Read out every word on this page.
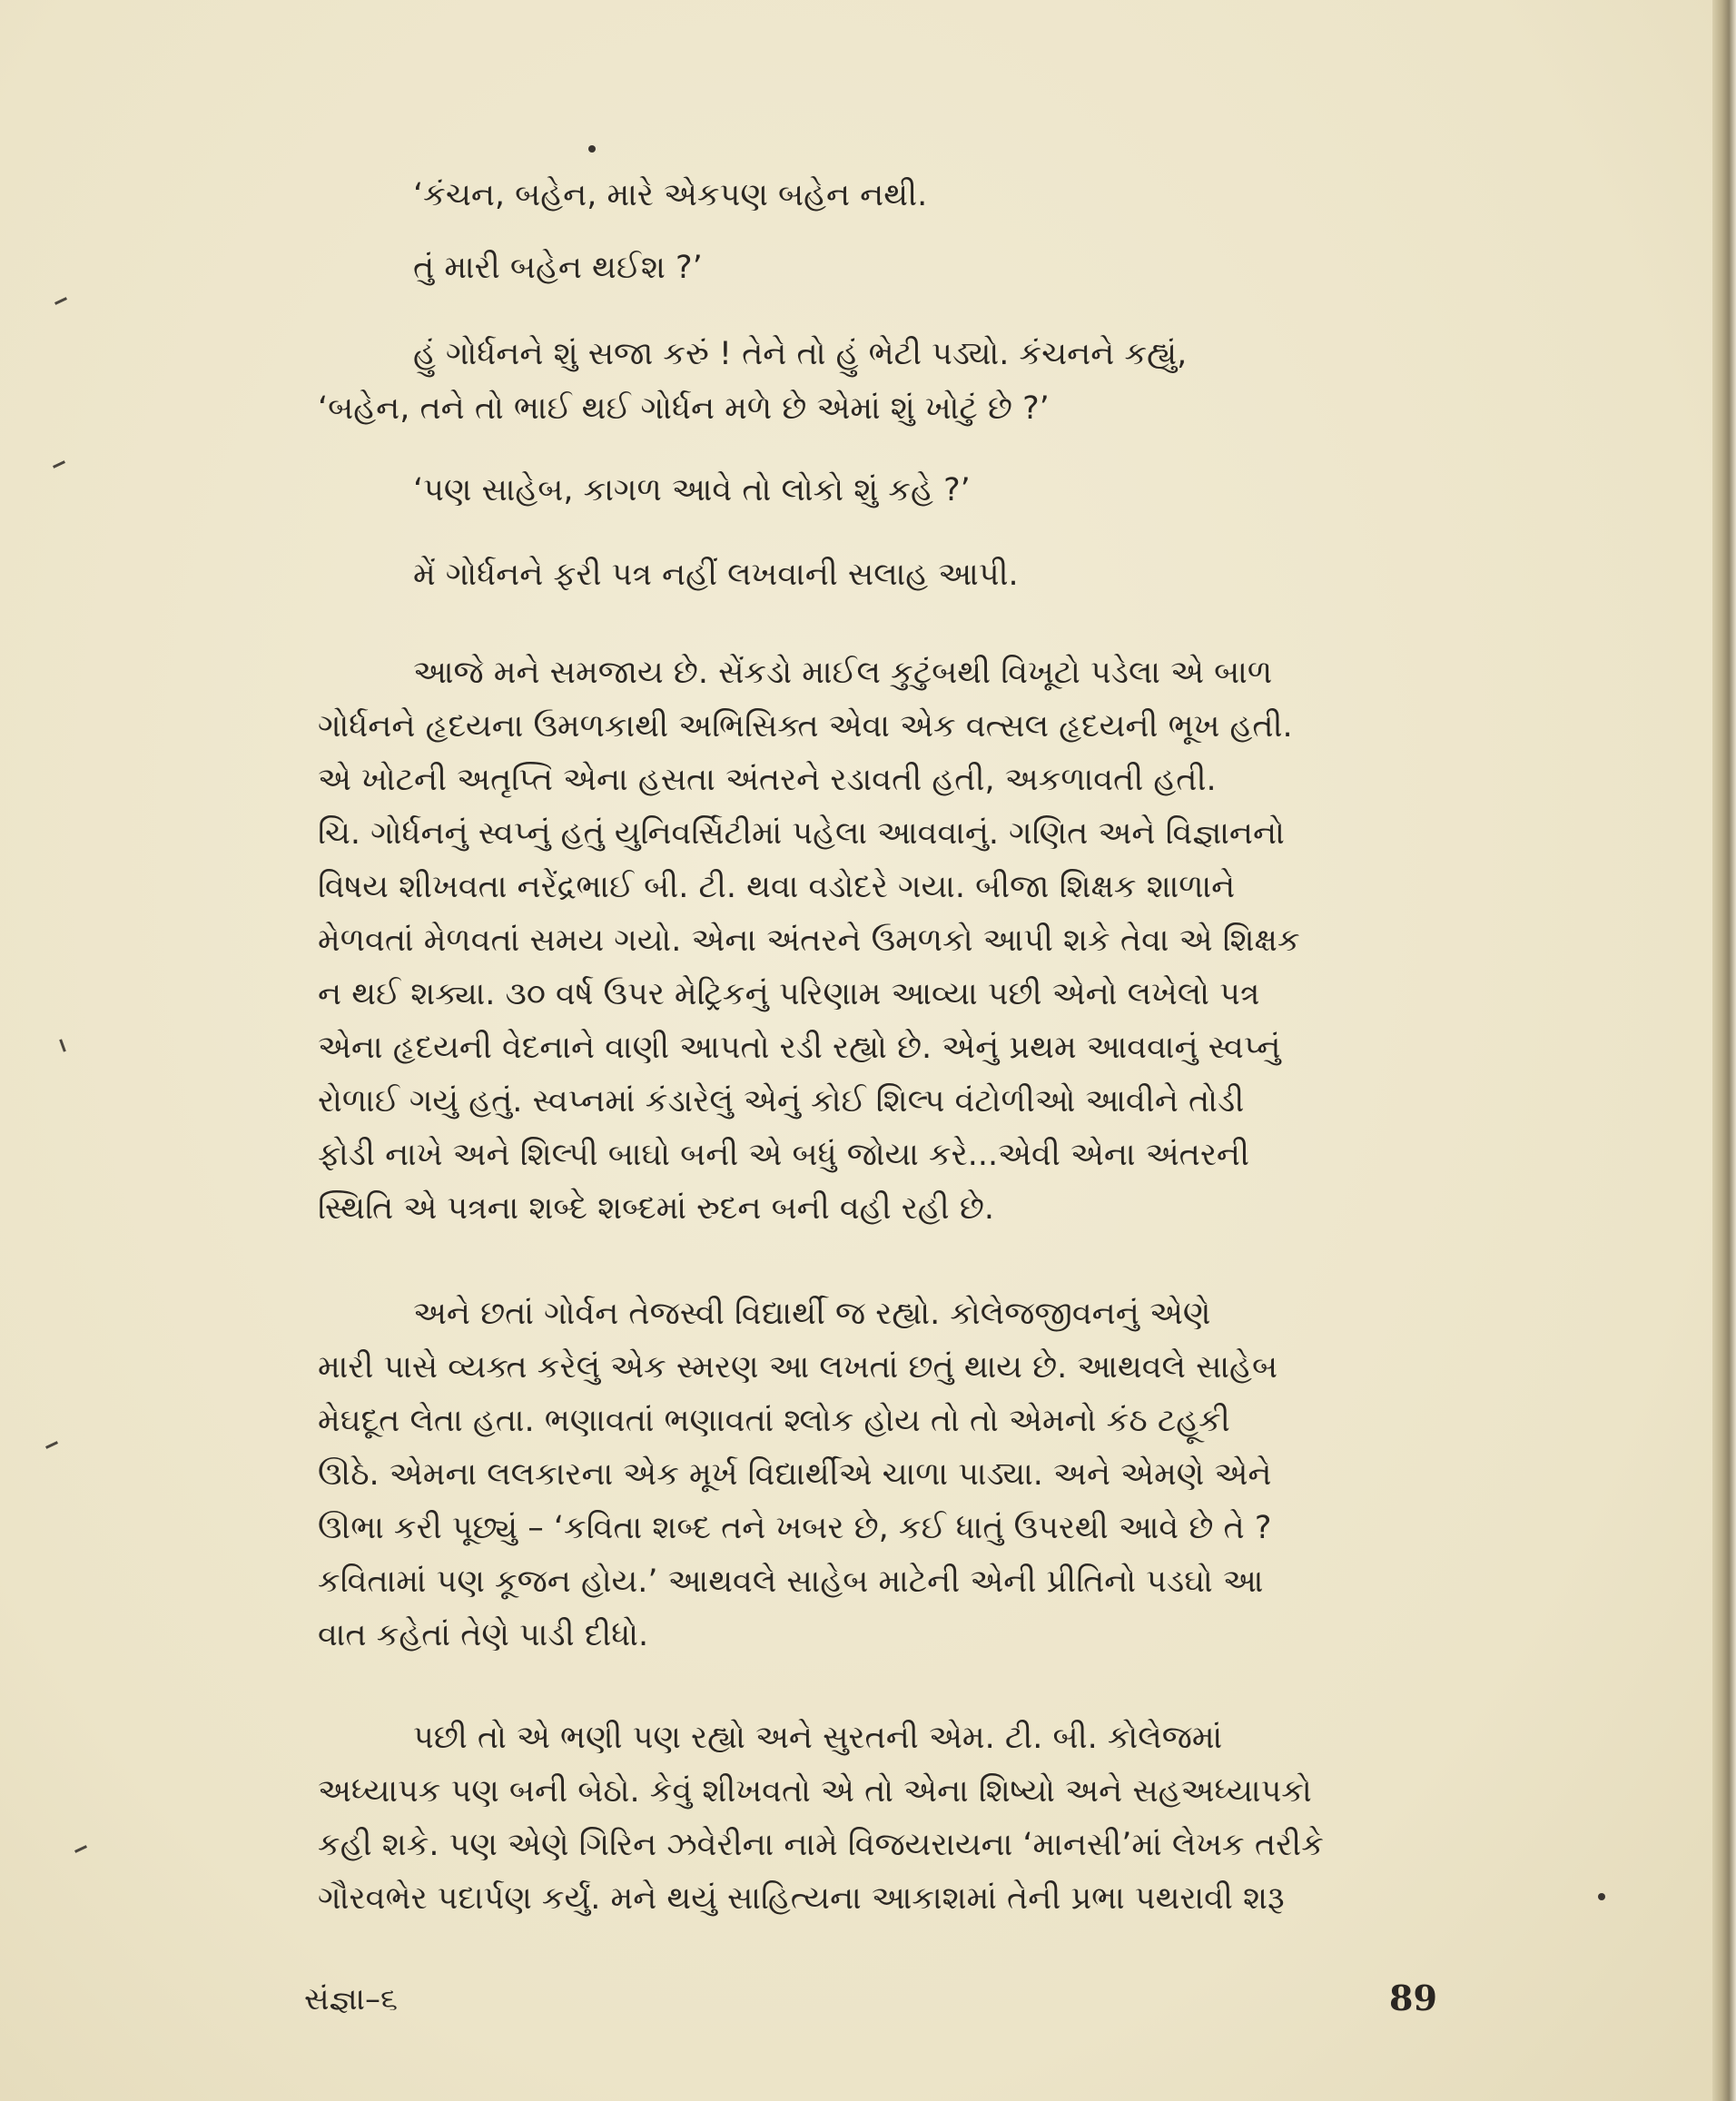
‘કંચન, બહેન, મારે એકપણ બહેન નથી.
તું મારી બહેન થઈશ ?’
હું ગોર્ધનને શું સજા કરું ! તેને તો હું ભેટી પડ્યો. કંચનને કહ્યું,
‘બહેન, તને તો ભાઈ થઈ ગોર્ધન મળે છે એમાં શું ખોટું છે ?’
‘પણ સાહેબ, કાગળ આવે તો લોકો શું કહે ?’
મેં ગોર્ધનને ફરી પત્ર નહીં લખવાની સલાહ આપી.
આજે મને સમજાય છે. સેંકડો માઈલ કુટુંબથી વિખૂટો પડેલા એ બાળ
ગોર્ધનને હૃદયના ઉમળકાથી અભિસિક્ત એવા એક વત્સલ હૃદયની ભૂખ હતી.
એ ખોટની અતૃપ્તિ એના હસતા અંતરને રડાવતી હતી, અકળાવતી હતી.
ચિ. ગોર્ધનનું સ્વપ્નું હતું યુનિવર્સિટીમાં પહેલા આવવાનું. ગણિત અને વિજ્ઞાનનો
વિષય શીખવતા નરેંદ્રભાઈ બી. ટી. થવા વડોદરે ગયા. બીજા શિક્ષક શાળાને
મેળવતાં મેળવતાં સમય ગયો. એના અંતરને ઉમળકો આપી શકે તેવા એ શિક્ષક
ન થઈ શક્યા. ૩૦ વર્ષ ઉપર મેટ્રિકનું પરિણામ આવ્યા પછી એનો લખેલો પત્ર
એના હૃદયની વેદનાને વાણી આપતો રડી રહ્યો છે. એનું પ્રથમ આવવાનું સ્વપ્નું
રોળાઈ ગયું હતું. સ્વપ્નમાં કંડારેલું એનું કોઈ શિલ્પ વંટોળીઓ આવીને તોડી
ફોડી નાખે અને શિલ્પી બાઘો બની એ બધું જોયા કરે...એવી એના અંતરની
સ્થિતિ એ પત્રના શબ્દે શબ્દમાં રુદન બની વહી રહી છે.
અને છતાં ગોર્વન તેજસ્વી વિદ્યાર્થી જ રહ્યો. કોલેજજીવનનું એણે
મારી પાસે વ્યક્ત કરેલું એક સ્મરણ આ લખતાં છતું થાય છે. આથવલે સાહેબ
મેઘદૂત લેતા હતા. ભણાવતાં ભણાવતાં શ્લોક હોય તો તો એમનો કંઠ ટહૂકી
ઊઠે. એમના લલકારના એક મૂર્ખ વિદ્યાર્થીએ ચાળા પાડ્યા. અને એમણે એને
ઊભા કરી પૂછ્યું – ‘કવિતા શબ્દ તને ખબર છે, કઈ ધાતું ઉપરથી આવે છે તે ?
કવિતામાં પણ કૂજન હોય.’ આથવલે સાહેબ માટેની એની પ્રીતિનો પડઘો આ
વાત કહેતાં તેણે પાડી દીધો.
પછી તો એ ભણી પણ રહ્યો અને સુરતની એમ. ટી. બી. કોલેજમાં
અધ્યાપક પણ બની બેઠો. કેવું શીખવતો એ તો એના શિષ્યો અને સહઅધ્યાપકો
કહી શકે. પણ એણે ગિરિન ઝવેરીના નામે વિજયરાયના ‘માનસી’માં લેખક તરીકે
ગૌરવભેર પદાર્પણ કર્યું. મને થયું સાહિત્યના આકાશમાં તેની પ્રભા પથરાવી શરૂ
સંજ્ઞા–૬	89
